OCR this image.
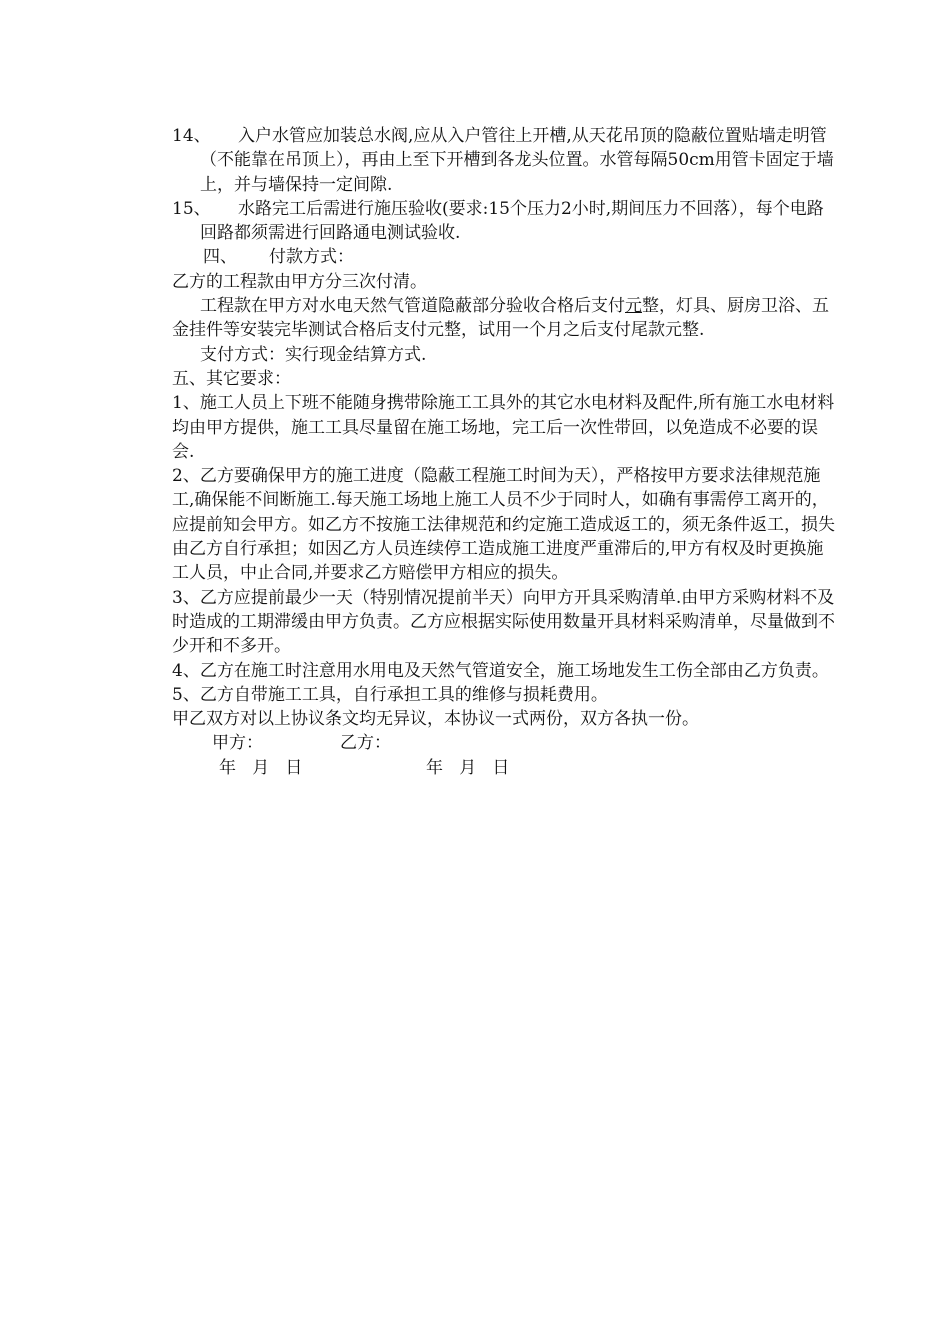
14、 入户水管应加装总水阀,应从入户管往上开槽,从天花吊顶的隐蔽位置贴墙走明管（不能靠在吊顶上），再由上至下开槽到各龙头位置。水管每隔50cm用管卡固定于墙上，并与墙保持一定间隙.

15、 水路完工后需进行施压验收(要求:15个压力2小时,期间压力不回落），每个电路回路都须需进行回路通电测试验收.

四、 付款方式：

乙方的工程款由甲方分三次付清。

工程款在甲方对水电天然气管道隐蔽部分验收合格后支付元整，灯具、厨房卫浴、五金挂件等安装完毕测试合格后支付元整，试用一个月之后支付尾款元整.

支付方式：实行现金结算方式.

五、其它要求：

1、施工人员上下班不能随身携带除施工工具外的其它水电材料及配件,所有施工水电材料均由甲方提供，施工工具尽量留在施工场地，完工后一次性带回，以免造成不必要的误会.

2、乙方要确保甲方的施工进度（隐蔽工程施工时间为天），严格按甲方要求法律规范施工,确保能不间断施工.每天施工场地上施工人员不少于同时人，如确有事需停工离开的，应提前知会甲方。如乙方不按施工法律规范和约定施工造成返工的，须无条件返工，损失由乙方自行承担；如因乙方人员连续停工造成施工进度严重滞后的,甲方有权及时更换施工人员，中止合同,并要求乙方赔偿甲方相应的损失。

3、乙方应提前最少一天（特别情况提前半天）向甲方开具采购清单.由甲方采购材料不及时造成的工期滞缓由甲方负责。乙方应根据实际使用数量开具材料采购清单，尽量做到不少开和不多开。

4、乙方在施工时注意用水用电及天然气管道安全，施工场地发生工伤全部由乙方负责。

5、乙方自带施工工具，自行承担工具的维修与损耗费用。

甲乙双方对以上协议条文均无异议，本协议一式两份，双方各执一份。

甲方：	乙方：
年   月   日	年   月   日
